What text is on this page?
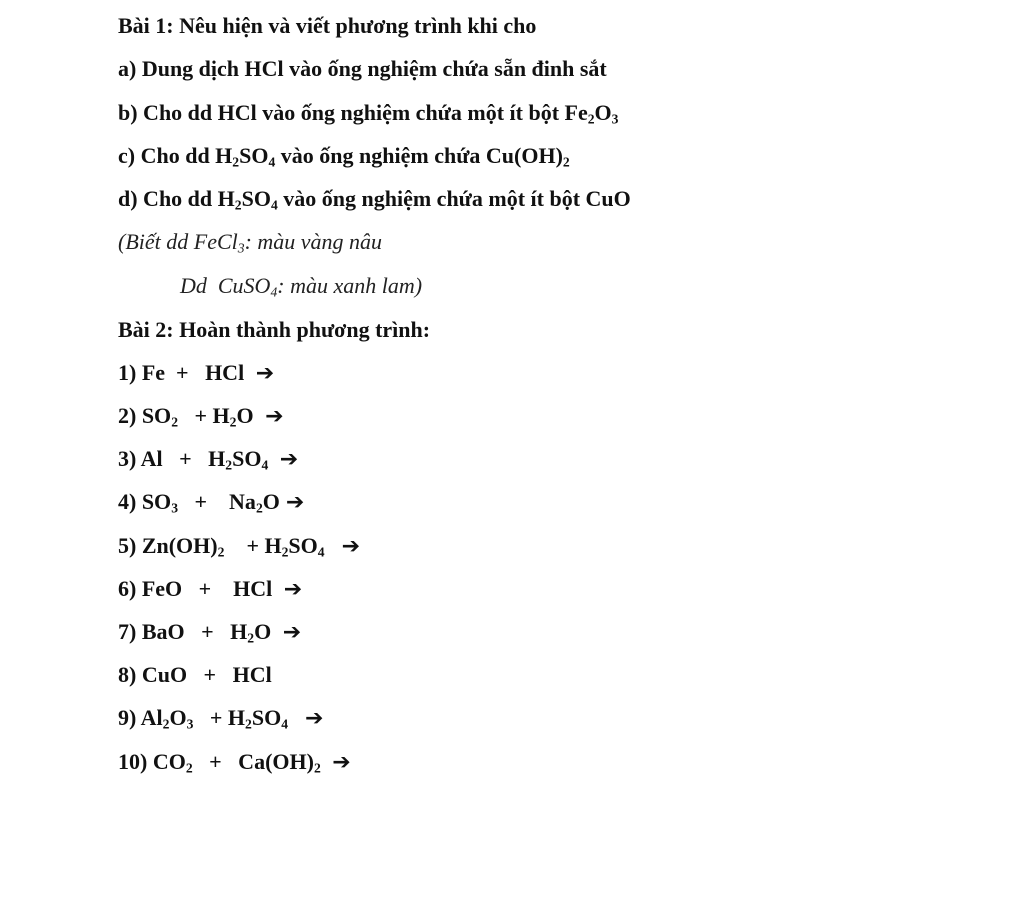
Bài 1: Nêu hiện và viết phương trình khi cho
a) Dung dịch HCl vào ống nghiệm chứa sẵn đinh sắt
b) Cho dd HCl vào ống nghiệm chứa một ít bột $Fe_2O_3$
c) Cho dd $H_2SO_4$ vào ống nghiệm chứa $Cu(OH)_2$
d) Cho dd $H_2SO_4$ vào ống nghiệm chứa một ít bột CuO
(Biết dd FeCl$_3$: màu vàng nâu
Dd  CuSO$_4$: màu xanh lam)
Bài 2: Hoàn thành phương trình:
1) Fe  +   HCl ➔
2) $SO_2 + H_2O$ ➔
3) $Al + H_2SO_4$ ➔
4) $SO_3$   +    $Na_2O$ ➔
5) $Zn(OH)_2$    + $H_2SO_4$ ➔
6) FeO   +    HCl ➔
7) BaO   +   $H_2O$ ➔
8) CuO   +   HCl
9) $Al_2O_3 + H_2SO_4$ ➔
10) $CO_2 + Ca(OH)_2$ ➔
